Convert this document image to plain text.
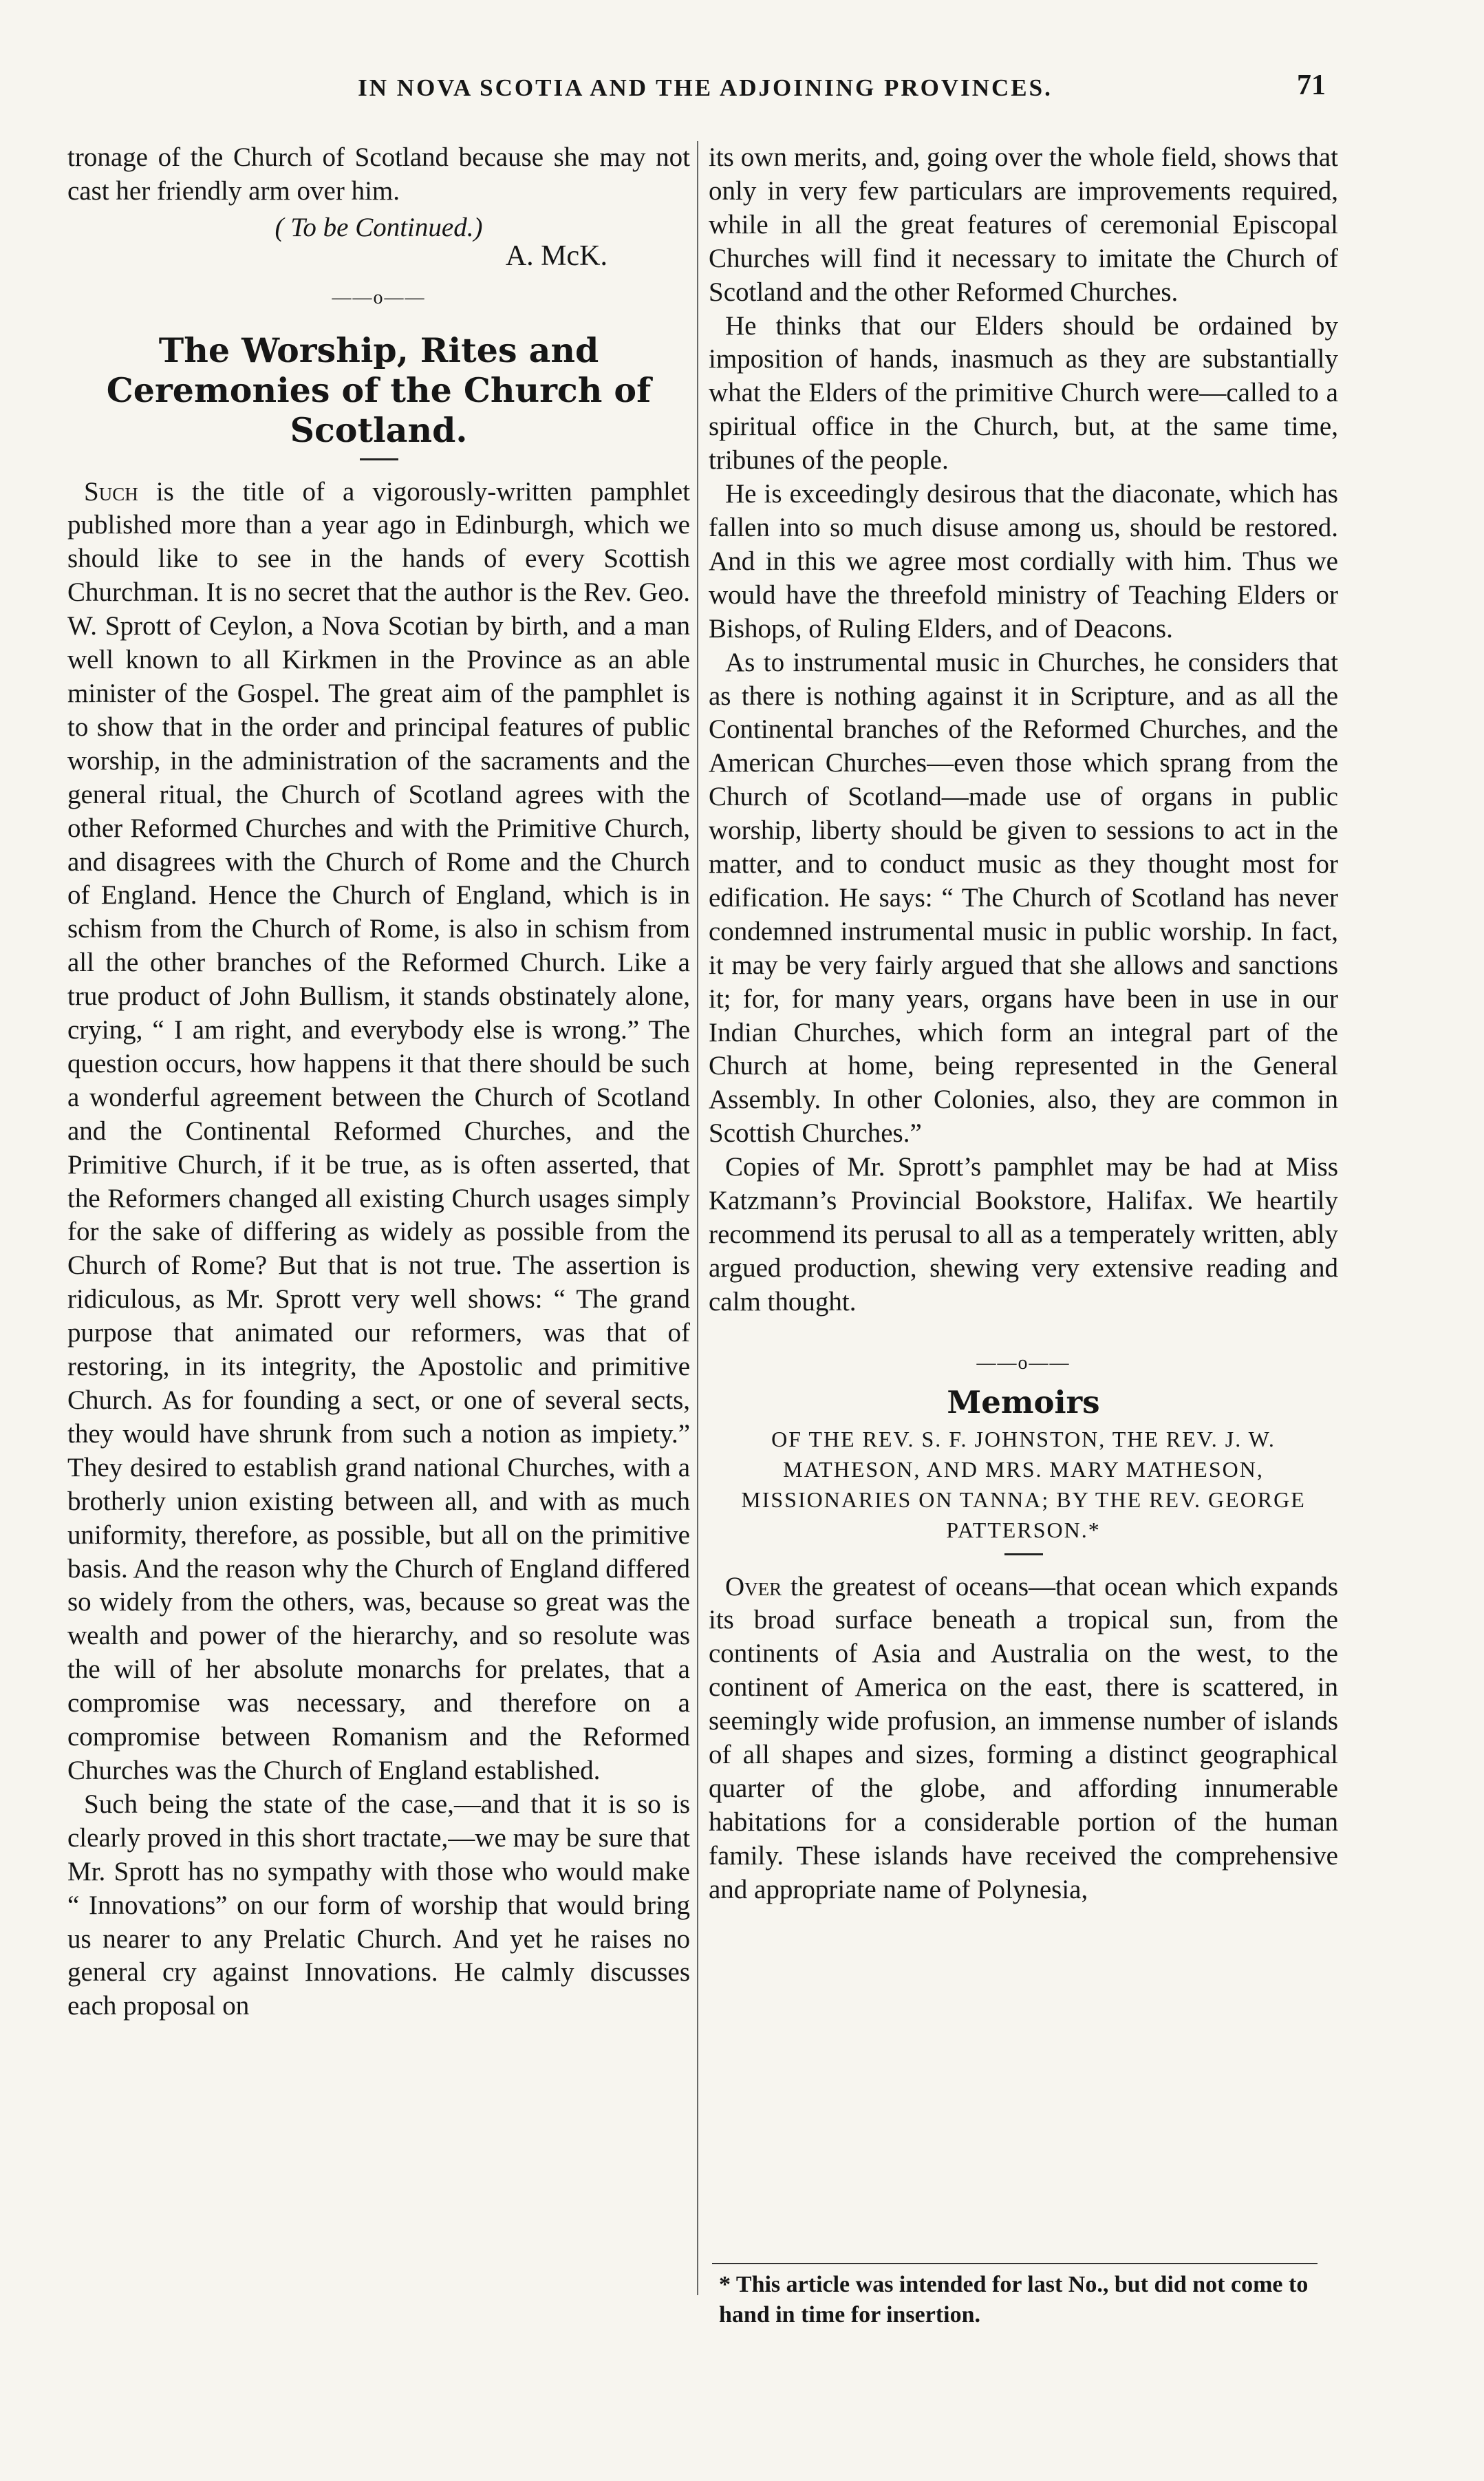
IN NOVA SCOTIA AND THE ADJOINING PROVINCES.	71

tronage of the Church of Scotland because she may not cast her friendly arm over him.

( To be Continued.)
A. McK.
——o——
The Worship, Rites and Ceremonies of the Church of Scotland.

Such is the title of a vigorously-written pamphlet published more than a year ago in Edinburgh, which we should like to see in the hands of every Scottish Churchman. It is no secret that the author is the Rev. Geo. W. Sprott of Ceylon, a Nova Scotian by birth, and a man well known to all Kirkmen in the Province as an able minister of the Gospel. The great aim of the pamphlet is to show that in the order and principal features of public worship, in the administration of the sacraments and the general ritual, the Church of Scotland agrees with the other Reformed Churches and with the Primitive Church, and disagrees with the Church of Rome and the Church of England. Hence the Church of England, which is in schism from the Church of Rome, is also in schism from all the other branches of the Reformed Church. Like a true product of John Bullism, it stands obstinately alone, crying, “ I am right, and everybody else is wrong.” The question occurs, how happens it that there should be such a wonderful agreement between the Church of Scotland and the Continental Reformed Churches, and the Primitive Church, if it be true, as is often asserted, that the Reformers changed all existing Church usages simply for the sake of differing as widely as possible from the Church of Rome? But that is not true. The assertion is ridiculous, as Mr. Sprott very well shows: “ The grand purpose that animated our reformers, was that of restoring, in its integrity, the Apostolic and primitive Church. As for founding a sect, or one of several sects, they would have shrunk from such a notion as impiety.” They desired to establish grand national Churches, with a brotherly union existing between all, and with as much uniformity, therefore, as possible, but all on the primitive basis. And the reason why the Church of England differed so widely from the others, was, because so great was the wealth and power of the hierarchy, and so resolute was the will of her absolute monarchs for prelates, that a compromise was necessary, and therefore on a compromise between Romanism and the Reformed Churches was the Church of England established.

Such being the state of the case,—and that it is so is clearly proved in this short tractate,—we may be sure that Mr. Sprott has no sympathy with those who would make “ Innovations” on our form of worship that would bring us nearer to any Prelatic Church. And yet he raises no general cry against Innovations. He calmly discusses each proposal on

its own merits, and, going over the whole field, shows that only in very few particulars are improvements required, while in all the great features of ceremonial Episcopal Churches will find it necessary to imitate the Church of Scotland and the other Reformed Churches.

He thinks that our Elders should be ordained by imposition of hands, inasmuch as they are substantially what the Elders of the primitive Church were—called to a spiritual office in the Church, but, at the same time, tribunes of the people.

He is exceedingly desirous that the diaconate, which has fallen into so much disuse among us, should be restored. And in this we agree most cordially with him. Thus we would have the threefold ministry of Teaching Elders or Bishops, of Ruling Elders, and of Deacons.

As to instrumental music in Churches, he considers that as there is nothing against it in Scripture, and as all the Continental branches of the Reformed Churches, and the American Churches—even those which sprang from the Church of Scotland—made use of organs in public worship, liberty should be given to sessions to act in the matter, and to conduct music as they thought most for edification. He says: “ The Church of Scotland has never condemned instrumental music in public worship. In fact, it may be very fairly argued that she allows and sanctions it; for, for many years, organs have been in use in our Indian Churches, which form an integral part of the Church at home, being represented in the General Assembly. In other Colonies, also, they are common in Scottish Churches.”

Copies of Mr. Sprott’s pamphlet may be had at Miss Katzmann’s Provincial Bookstore, Halifax. We heartily recommend its perusal to all as a temperately written, ably argued production, shewing very extensive reading and calm thought.

——o——
Memoirs
OF THE REV. S. F. JOHNSTON, THE REV. J. W. MATHESON, AND MRS. MARY MATHESON, MISSIONARIES ON TANNA; BY THE REV. GEORGE PATTERSON.*

Over the greatest of oceans—that ocean which expands its broad surface beneath a tropical sun, from the continents of Asia and Australia on the west, to the continent of America on the east, there is scattered, in seemingly wide profusion, an immense number of islands of all shapes and sizes, forming a distinct geographical quarter of the globe, and affording innumerable habitations for a considerable portion of the human family. These islands have received the comprehensive and appropriate name of Polynesia,

* This article was intended for last No., but did not come to hand in time for insertion.
